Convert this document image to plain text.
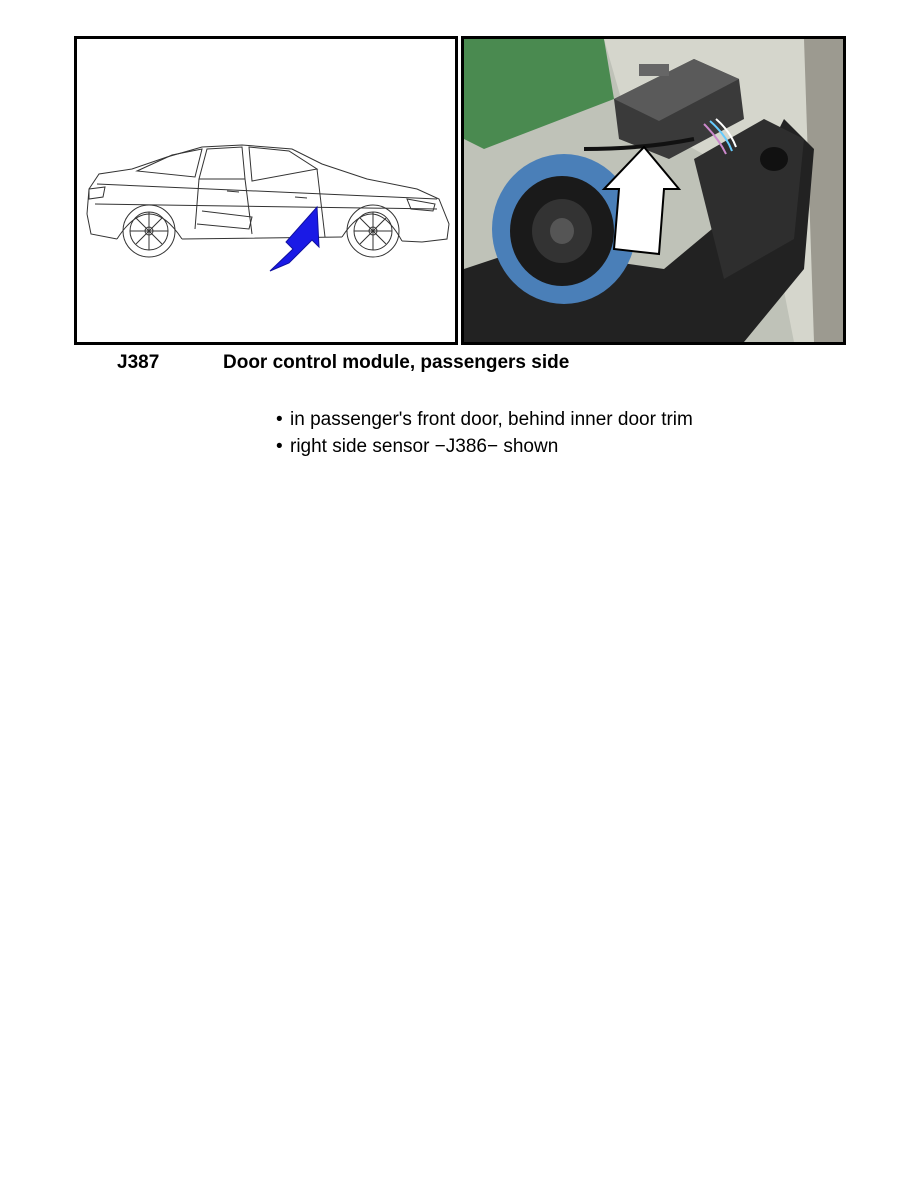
J387	Door control module, passengers side
• in passenger's front door, behind inner door trim
• right side sensor −J386− shown
